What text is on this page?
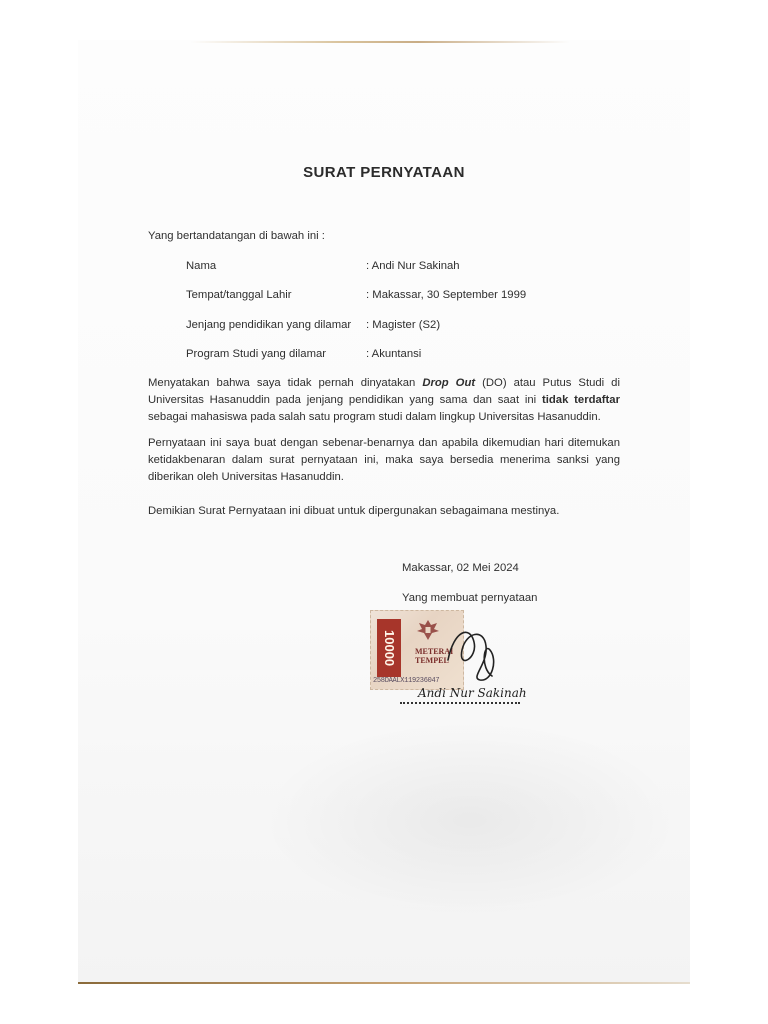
SURAT PERNYATAAN
Yang bertandatangan di bawah ini :
Nama	: Andi Nur Sakinah
Tempat/tanggal Lahir	: Makassar, 30 September 1999
Jenjang pendidikan yang dilamar : Magister (S2)
Program Studi yang dilamar	: Akuntansi
Menyatakan bahwa saya tidak pernah dinyatakan Drop Out (DO) atau Putus Studi di Universitas Hasanuddin pada jenjang pendidikan yang sama dan saat ini tidak terdaftar sebagai mahasiswa pada salah satu program studi dalam lingkup Universitas Hasanuddin.
Pernyataan ini saya buat dengan sebenar-benarnya dan apabila dikemudian hari ditemukan ketidakbenaran dalam surat pernyataan ini, maka saya bersedia menerima sanksi yang diberikan oleh Universitas Hasanuddin.
Demikian Surat Pernyataan ini dibuat untuk dipergunakan sebagaimana mestinya.
Makassar, 02 Mei 2024
Yang membuat pernyataan
10000	METERAI
TEMPEL
258DAALX119236047
Andi Nur Sakinah
